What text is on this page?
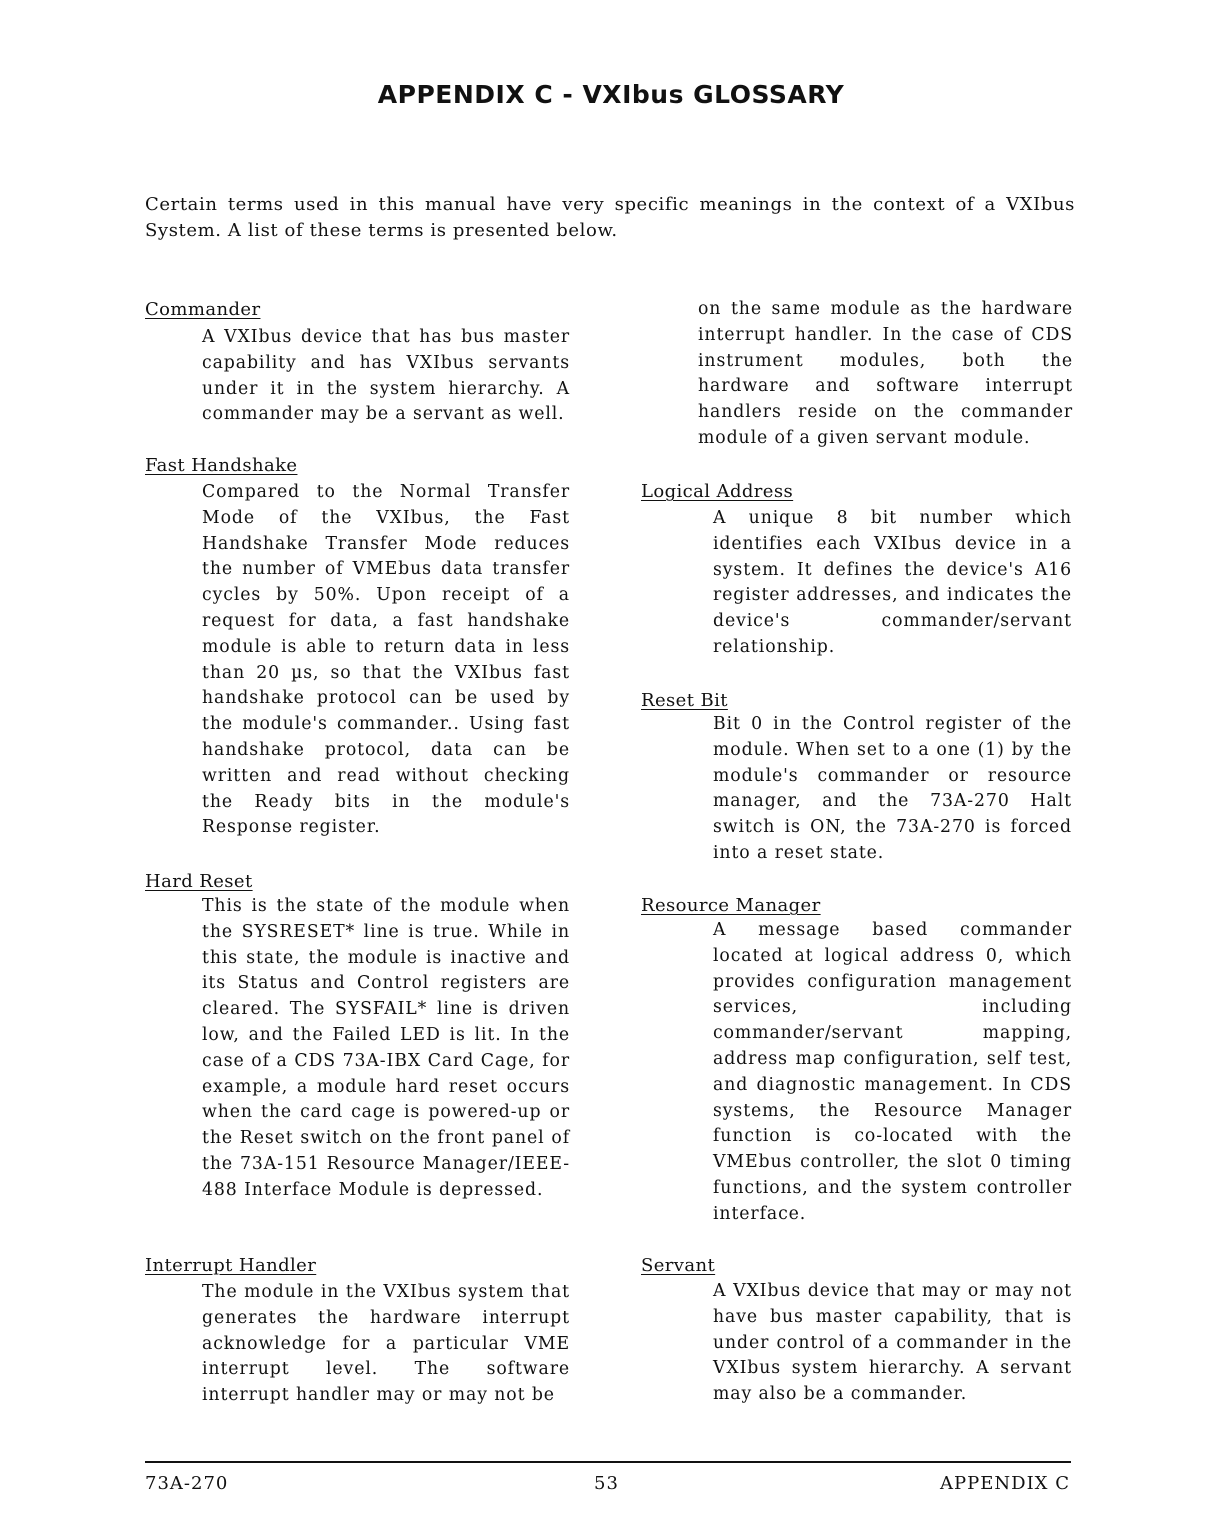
APPENDIX C - VXIbus GLOSSARY

Certain terms used in this manual have very specific meanings in the context of a VXIbus System. A list of these terms is presented below.

Commander

A VXIbus device that has bus master capability and has VXIbus servants under it in the system hierarchy. A commander may be a servant as well.

Fast Handshake

Compared to the Normal Transfer Mode of the VXIbus, the Fast Handshake Transfer Mode reduces the number of VMEbus data transfer cycles by 50%. Upon receipt of a request for data, a fast handshake module is able to return data in less than 20 µs, so that the VXIbus fast handshake protocol can be used by the module's commander.. Using fast handshake protocol, data can be written and read without checking the Ready bits in the module's Response register.

Hard Reset

This is the state of the module when the SYSRESET* line is true. While in this state, the module is inactive and its Status and Control registers are cleared. The SYSFAIL* line is driven low, and the Failed LED is lit. In the case of a CDS 73A-IBX Card Cage, for example, a module hard reset occurs when the card cage is powered-up or the Reset switch on the front panel of the 73A-151 Resource Manager/IEEE-488 Interface Module is depressed.

Interrupt Handler

The module in the VXIbus system that generates the hardware interrupt acknowledge for a particular VME interrupt level. The software interrupt handler may or may not be

on the same module as the hardware interrupt handler. In the case of CDS instrument modules, both the hardware and software interrupt handlers reside on the commander module of a given servant module.

Logical Address

A unique 8 bit number which identifies each VXIbus device in a system. It defines the device's A16 register addresses, and indicates the device's commander/servant relationship.

Reset Bit

Bit 0 in the Control register of the module. When set to a one (1) by the module's commander or resource manager, and the 73A-270 Halt switch is ON, the 73A-270 is forced into a reset state.

Resource Manager

A message based commander located at logical address 0, which provides configuration management services, including commander/servant mapping, address map configuration, self test, and diagnostic management. In CDS systems, the Resource Manager function is co-located with the VMEbus controller, the slot 0 timing functions, and the system controller interface.

Servant

A VXIbus device that may or may not have bus master capability, that is under control of a commander in the VXIbus system hierarchy. A servant may also be a commander.

73A-270	53	APPENDIX C
